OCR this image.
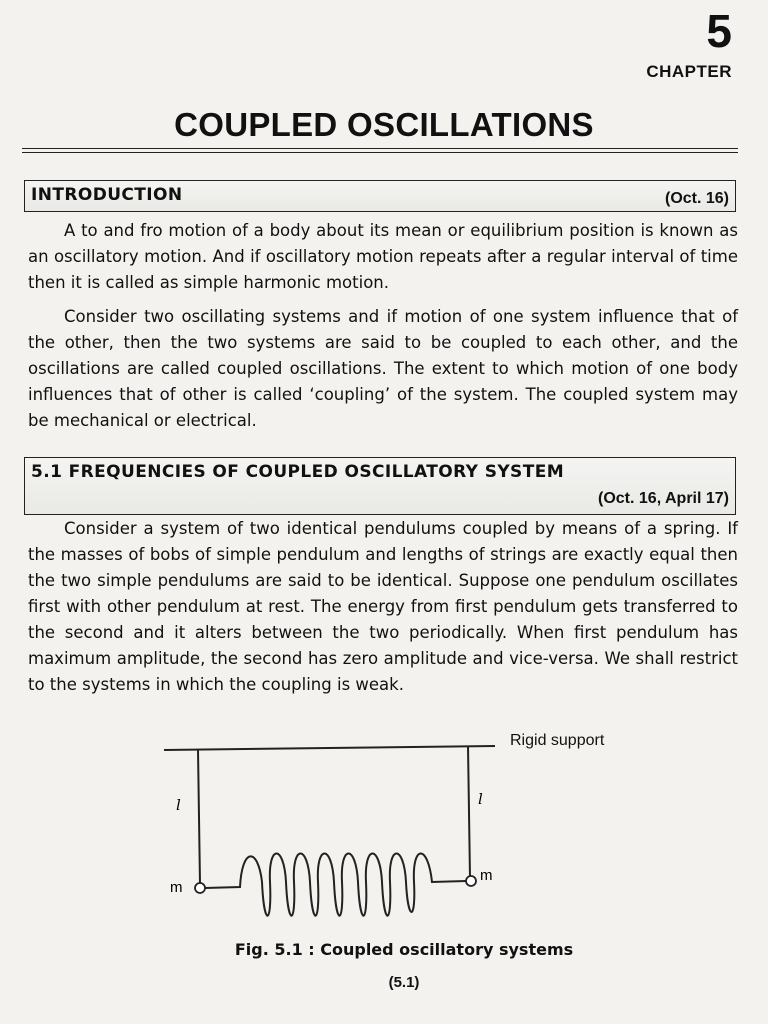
5
CHAPTER
COUPLED OSCILLATIONS
INTRODUCTION	(Oct. 16)

A to and fro motion of a body about its mean or equilibrium position is known as an oscillatory motion. And if oscillatory motion repeats after a regular interval of time then it is called as simple harmonic motion.

Consider two oscillating systems and if motion of one system influence that of the other, then the two systems are said to be coupled to each other, and the oscillations are called coupled oscillations. The extent to which motion of one body influences that of other is called ‘coupling’ of the system. The coupled system may be mechanical or electrical.

5.1 FREQUENCIES OF COUPLED OSCILLATORY SYSTEM
(Oct. 16, April 17)

Consider a system of two identical pendulums coupled by means of a spring. If the masses of bobs of simple pendulum and lengths of strings are exactly equal then the two simple pendulums are said to be identical. Suppose one pendulum oscillates first with other pendulum at rest. The energy from first pendulum gets transferred to the second and it alters between the two periodically. When first pendulum has maximum amplitude, the second has zero amplitude and vice-versa. We shall restrict to the systems in which the coupling is weak.

l	l
m
m
Rigid support
Fig. 5.1 : Coupled oscillatory systems
(5.1)
